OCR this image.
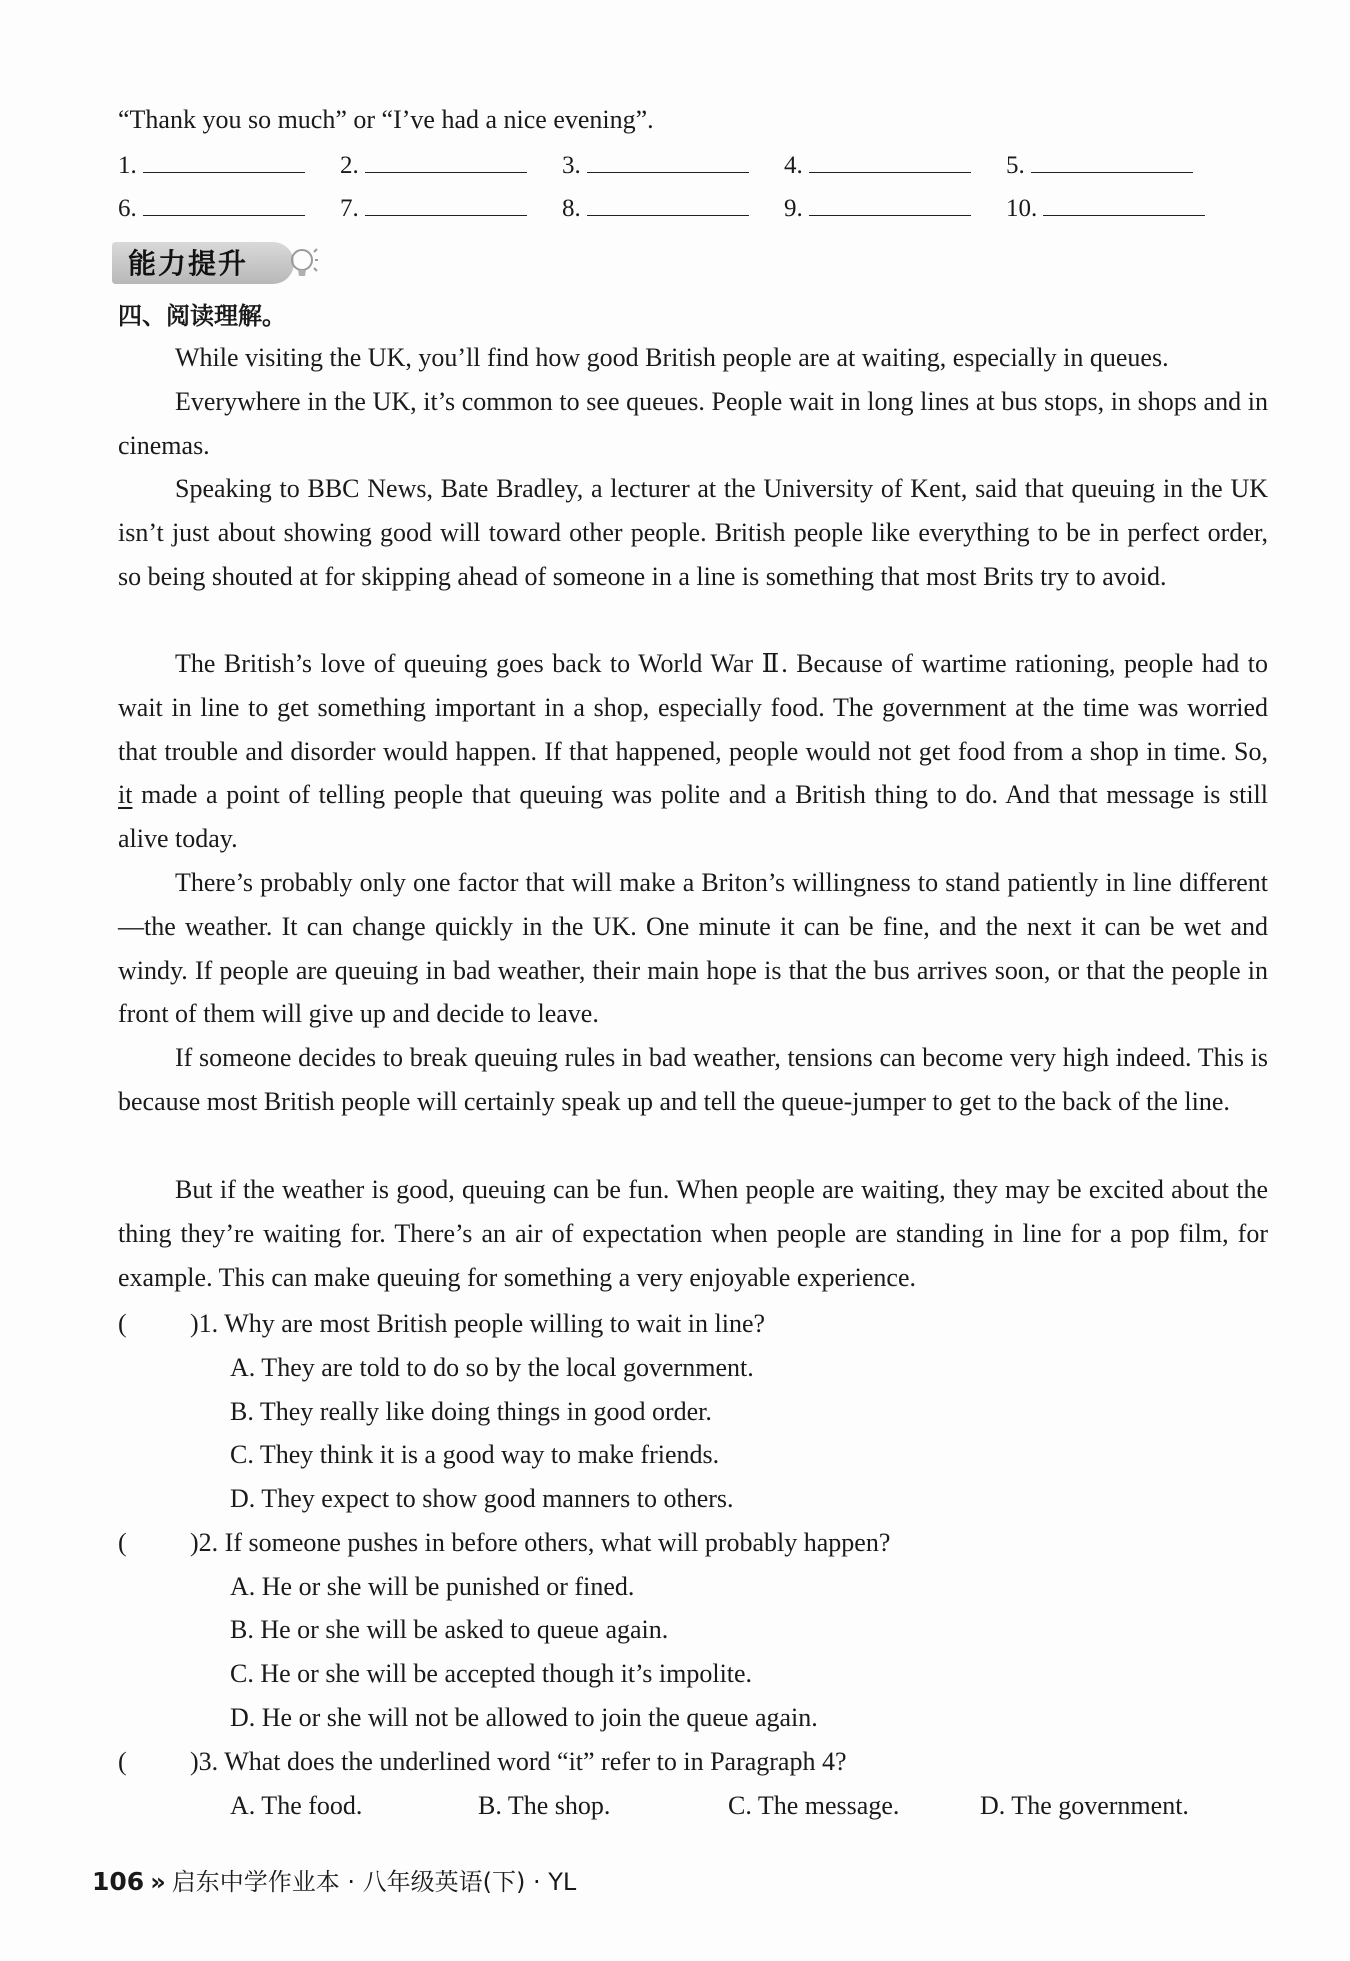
“Thank you so much” or “I’ve had a nice evening”.
1.	2.	3.	4.	5.
6.	7.	8.	9.	10.
能力提升
四、阅读理解。
While visiting the UK, you’ll find how good British people are at waiting, especially in queues.
Everywhere in the UK, it’s common to see queues. People wait in long lines at bus stops, in shops and in cinemas.
Speaking to BBC News, Bate Bradley, a lecturer at the University of Kent, said that queuing in the UK isn’t just about showing good will toward other people. British people like everything to be in perfect order, so being shouted at for skipping ahead of someone in a line is something that most Brits try to avoid.
The British’s love of queuing goes back to World War Ⅱ. Because of wartime rationing, people had to wait in line to get something important in a shop, especially food. The government at the time was worried that trouble and disorder would happen. If that happened, people would not get food from a shop in time. So, it made a point of telling people that queuing was polite and a British thing to do. And that message is still alive today.
There’s probably only one factor that will make a Briton’s willingness to stand patiently in line different—the weather. It can change quickly in the UK. One minute it can be fine, and the next it can be wet and windy. If people are queuing in bad weather, their main hope is that the bus arrives soon, or that the people in front of them will give up and decide to leave.
If someone decides to break queuing rules in bad weather, tensions can become very high indeed. This is because most British people will certainly speak up and tell the queue-jumper to get to the back of the line.
But if the weather is good, queuing can be fun. When people are waiting, they may be excited about the thing they’re waiting for. There’s an air of expectation when people are standing in line for a pop film, for example. This can make queuing for something a very enjoyable experience.
( )1. Why are most British people willing to wait in line?
A. They are told to do so by the local government.
B. They really like doing things in good order.
C. They think it is a good way to make friends.
D. They expect to show good manners to others.
( )2. If someone pushes in before others, what will probably happen?
A. He or she will be punished or fined.
B. He or she will be asked to queue again.
C. He or she will be accepted though it’s impolite.
D. He or she will not be allowed to join the queue again.
( )3. What does the underlined word “it” refer to in Paragraph 4?
A. The food.	B. The shop.	C. The message.	D. The government.
106 » 启东中学作业本 · 八年级英语(下) · YL
